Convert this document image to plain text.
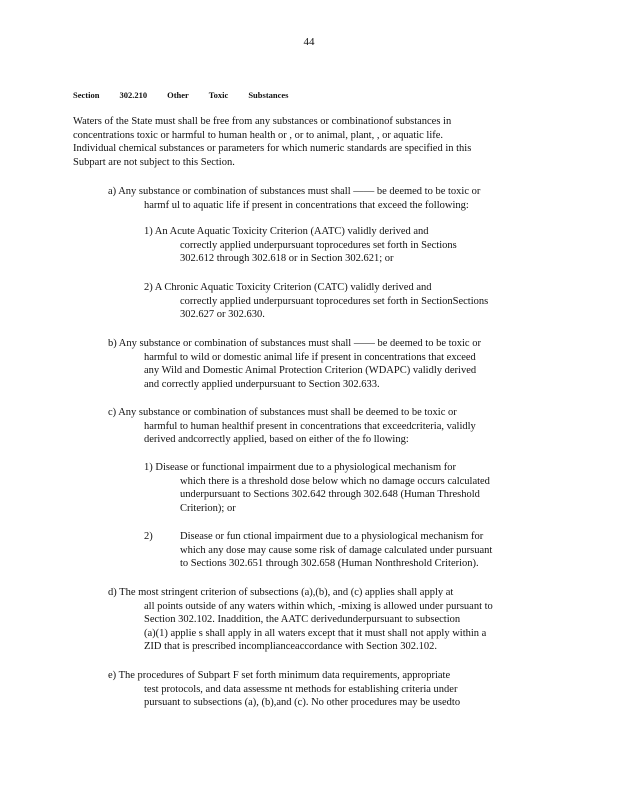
44
Section 302.210 Other Toxic Substances
Waters of the State must shall be free from any substances or combinationof substances in
concentrations toxic or harmful to human health or , or to animal, plant, , or aquatic life.
Individual chemical substances or parameters for which numeric standards are specified in this
Subpart are not subject to this Section.
a) Any substance or combination of substances must shall —— be deemed to be toxic or
harmf ul to aquatic life if present in concentrations that exceed the following:
1) An Acute Aquatic Toxicity Criterion (AATC) validly derived and
correctly applied underpursuant toprocedures set forth in Sections
302.612 through 302.618 or in Section 302.621; or
2) A Chronic Aquatic Toxicity Criterion (CATC) validly derived and
correctly applied underpursuant toprocedures set forth in SectionSections
302.627 or 302.630.
b) Any substance or combination of substances must shall —— be deemed to be toxic or
harmful to wild or domestic animal life if present in concentrations that exceed
any Wild and Domestic Animal Protection Criterion (WDAPC) validly derived
and correctly applied underpursuant to Section 302.633.
c) Any substance or combination of substances must shall be deemed to be toxic or
harmful to human healthif present in concentrations that exceedcriteria, validly
derived andcorrectly applied, based on either of the fo llowing:
1) Disease or functional impairment due to a physiological mechanism for
which there is a threshold dose below which no damage occurs calculated
underpursuant to Sections 302.642 through 302.648 (Human Threshold
Criterion); or
2)	Disease or fun ctional impairment due to a physiological mechanism for
which any dose may cause some risk of damage calculated under pursuant
to Sections 302.651 through 302.658 (Human Nonthreshold Criterion).
d) The most stringent criterion of subsections (a),(b), and (c) applies shall apply at
all points outside of any waters within which, -mixing is allowed under pursuant to
Section 302.102. Inaddition, the AATC derivedunderpursuant to subsection
(a)(1) applie s shall apply in all waters except that it must shall not apply within a
ZID that is prescribed incomplianceaccordance with Section 302.102.
e) The procedures of Subpart F set forth minimum data requirements, appropriate
test protocols, and data assessme nt methods for establishing criteria under
pursuant to subsections (a), (b),and (c). No other procedures may be usedto
